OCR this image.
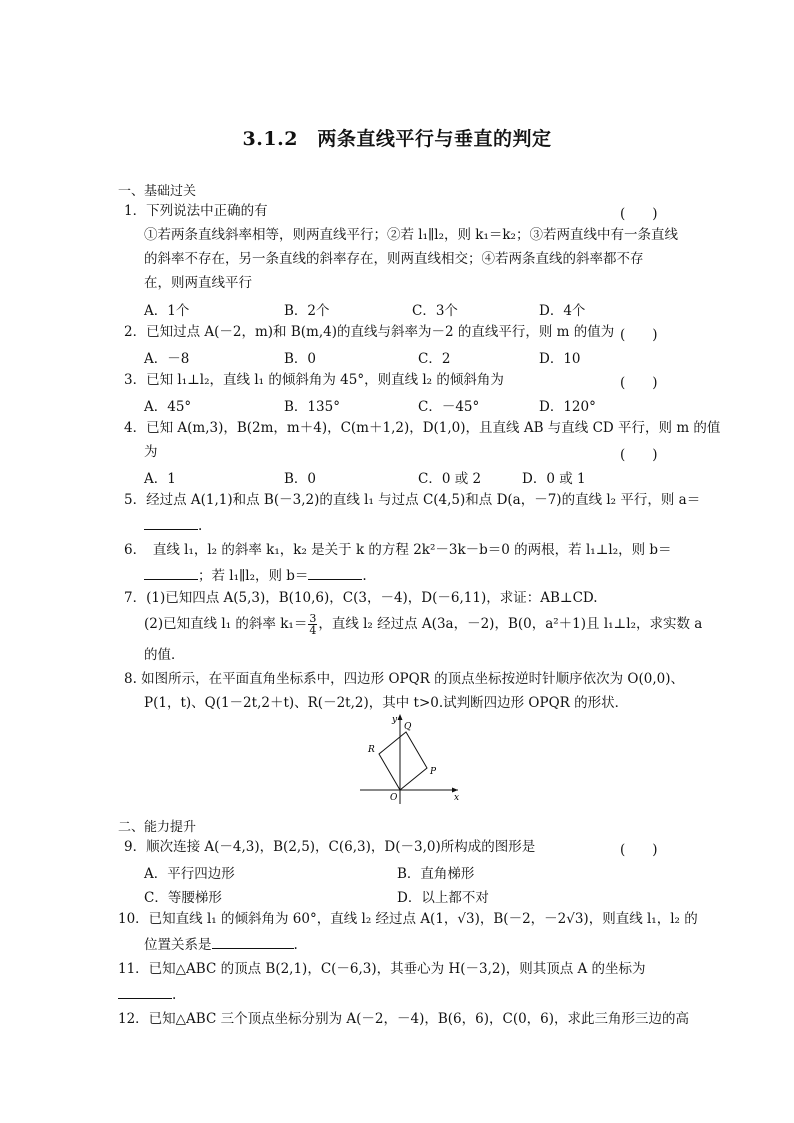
3.1.2　两条直线平行与垂直的判定
一、基础过关
1．下列说法中正确的有	(　　)
①若两条直线斜率相等，则两直线平行；②若 l₁∥l₂，则 k₁＝k₂；③若两直线中有一条直线
的斜率不存在，另一条直线的斜率存在，则两直线相交；④若两条直线的斜率都不存
在，则两直线平行
A．1个	B．2个	C．3个	D．4个
2．已知过点 A(－2，m)和 B(m,4)的直线与斜率为－2 的直线平行，则 m 的值为 (　　)
A．－8	B．0	C．2	D．10
3．已知 l₁⊥l₂，直线 l₁ 的倾斜角为 45°，则直线 l₂ 的倾斜角为	(　　)
A．45°	B．135°	C．－45°	D．120°
4．已知 A(m,3)，B(2m，m＋4)，C(m＋1,2)，D(1,0)，且直线 AB 与直线 CD 平行，则 m 的值
为	(　　)
A．1	B．0	C．0 或 2	D．0 或 1
5．经过点 A(1,1)和点 B(－3,2)的直线 l₁ 与过点 C(4,5)和点 D(a，－7)的直线 l₂ 平行，则 a＝
.
6．　直线 l₁，l₂ 的斜率 k₁，k₂ 是关于 k 的方程 2k²－3k－b＝0 的两根，若 l₁⊥l₂，则 b＝
；若 l₁∥l₂，则 b＝	.
7．(1)已知四点 A(5,3)，B(10,6)，C(3，－4)，D(－6,11)，求证：AB⊥CD.
(2)已知直线 l₁ 的斜率 $k_1= \frac{3}{4}$ ，直线 l₂ 经过点 A(3a，－2)，B(0，a²＋1)且 l₁⊥l₂，求实数 a
的值．
8. 如图所示，在平面直角坐标系中，四边形 OPQR 的顶点坐标按逆时针顺序依次为 O(0,0)、
P(1，t)、Q(1－2t,2＋t)、R(－2t,2)，其中 t>0.试判断四边形 OPQR 的形状．
x
y
O
P
Q
R
二、能力提升
9．顺次连接 A(－4,3)，B(2,5)，C(6,3)，D(－3,0)所构成的图形是	(　　)
A．平行四边形	B．直角梯形
C．等腰梯形	D．以上都不对
10．已知直线 l₁ 的倾斜角为 60°，直线 l₂ 经过点 A(1，√3)，B(－2，－2√3)，则直线 l₁，l₂ 的
位置关系是	.
11．已知△ABC 的顶点 B(2,1)，C(－6,3)，其垂心为 H(－3,2)，则其顶点 A 的坐标为
.
12．已知△ABC 三个顶点坐标分别为 A(－2，－4)，B(6，6)，C(0，6)，求此三角形三边的高
